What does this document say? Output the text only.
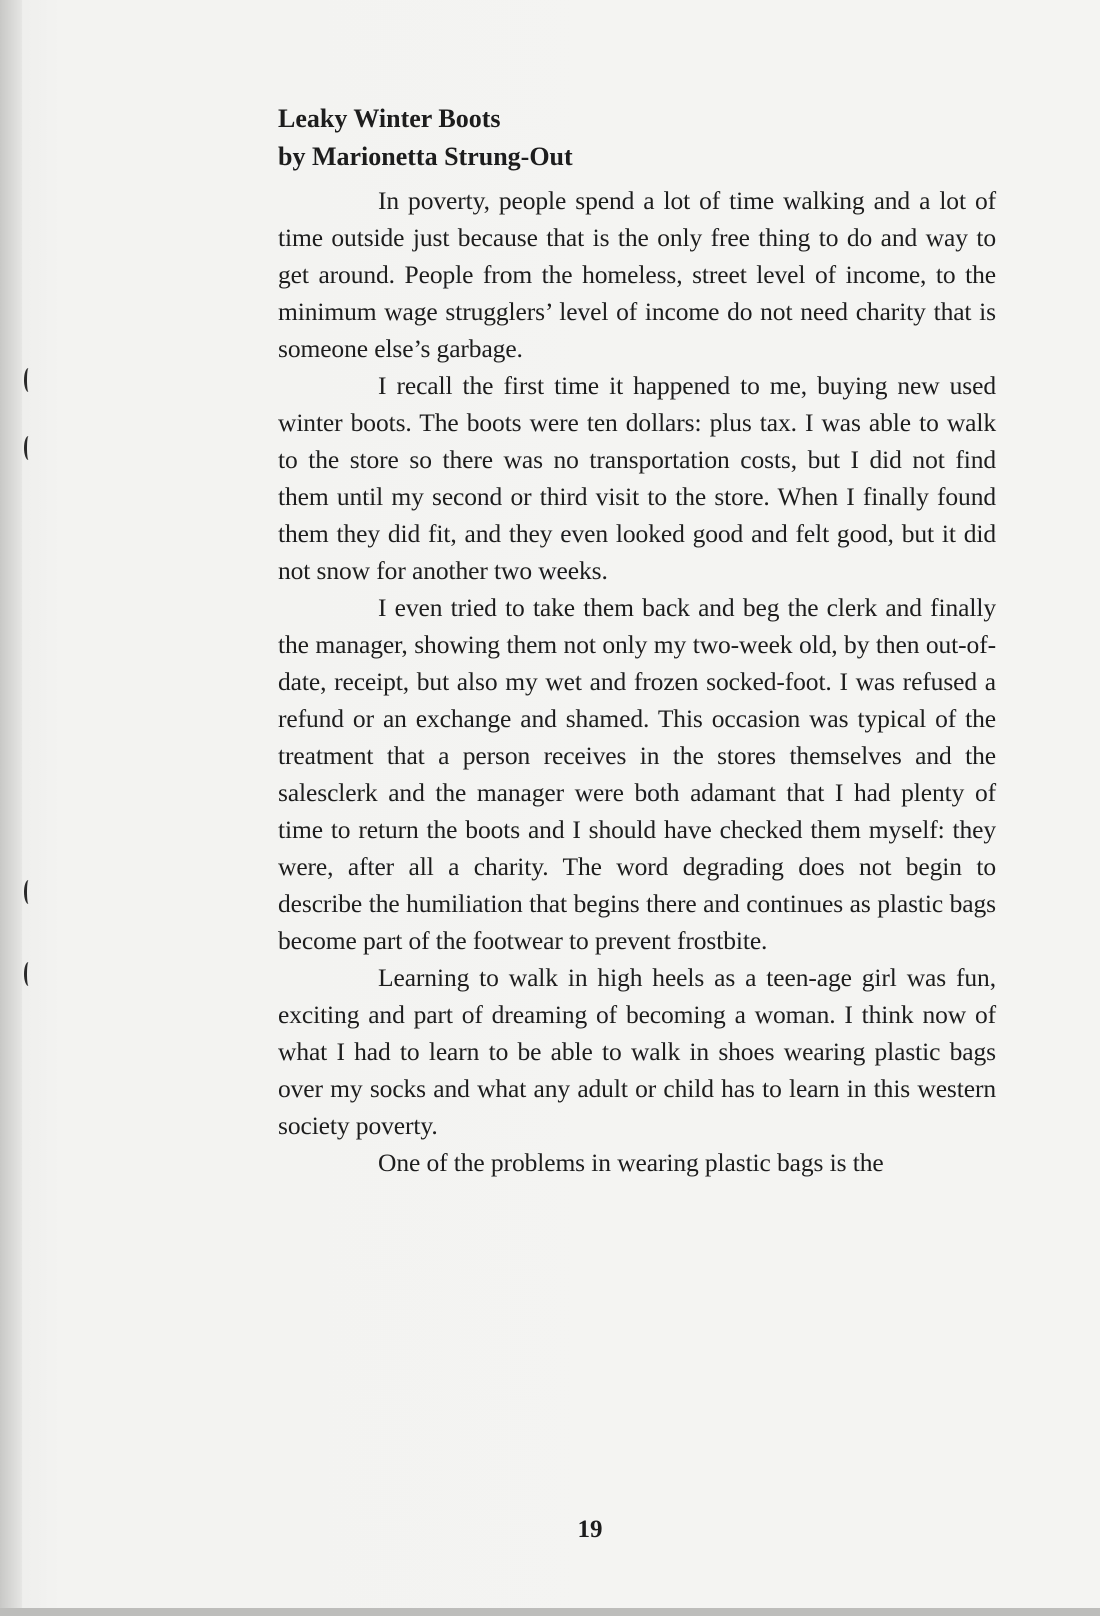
Leaky Winter Boots
by Marionetta Strung-Out

In poverty, people spend a lot of time walking and a lot of time outside just because that is the only free thing to do and way to get around. People from the homeless, street level of income, to the minimum wage strugglers’ level of income do not need charity that is someone else’s garbage.

I recall the first time it happened to me, buying new used winter boots. The boots were ten dollars: plus tax. I was able to walk to the store so there was no transportation costs, but I did not find them until my second or third visit to the store. When I finally found them they did fit, and they even looked good and felt good, but it did not snow for another two weeks.

I even tried to take them back and beg the clerk and finally the manager, showing them not only my two-week old, by then out-of-date, receipt, but also my wet and frozen socked-foot. I was refused a refund or an exchange and shamed. This occasion was typical of the treatment that a person receives in the stores themselves and the salesclerk and the manager were both adamant that I had plenty of time to return the boots and I should have checked them myself: they were, after all a charity. The word degrading does not begin to describe the humiliation that begins there and continues as plastic bags become part of the footwear to prevent frostbite.

Learning to walk in high heels as a teen-age girl was fun, exciting and part of dreaming of becoming a woman. I think now of what I had to learn to be able to walk in shoes wearing plastic bags over my socks and what any adult or child has to learn in this western society poverty.

One of the problems in wearing plastic bags is the

19
